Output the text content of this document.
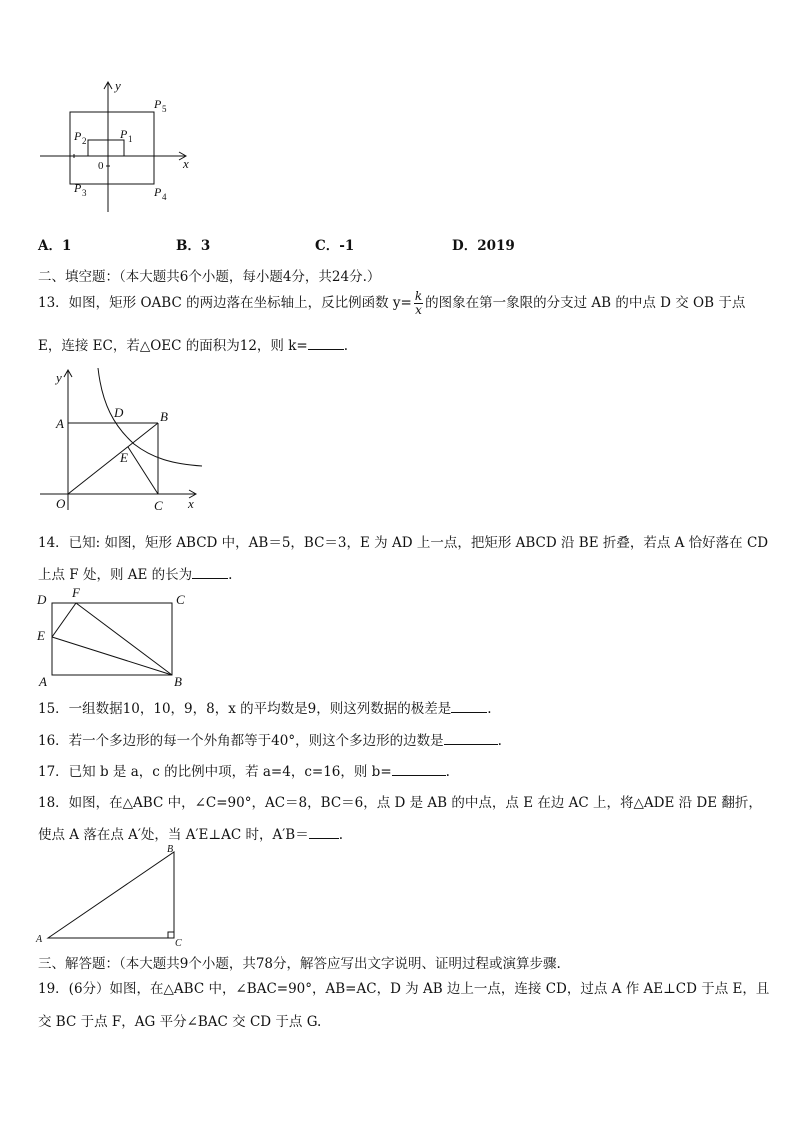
y
x
0
P 1
P 2
P 3	P 4
P 5
A．1	B．3	C．-1	D．2019
二、填空题：（本大题共6个小题，每小题4分，共24分.）
13．如图，矩形 OABC 的两边落在坐标轴上，反比例函数 $y= \frac{k}{x}$ 的图象在第一象限的分支过 AB 的中点 D 交 OB 于点
E，连接 EC，若△OEC 的面积为12，则 k=	.
y
x
O
A	B
C
D
E
14．已知: 如图，矩形 ABCD 中，AB＝5，BC＝3，E 为 AD 上一点，把矩形 ABCD 沿 BE 折叠，若点 A 恰好落在 CD
上点 F 处，则 AE 的长为	.
D F	C
E
A	B
15．一组数据10，10，9，8，x 的平均数是9，则这列数据的极差是	.
16．若一个多边形的每一个外角都等于40°，则这个多边形的边数是	.
17．已知 b 是 a，c 的比例中项，若 a=4，c=16，则 b=	.
18．如图，在△ABC 中，∠C=90°，AC＝8，BC＝6，点 D 是 AB 的中点，点 E 在边 AC 上，将△ADE 沿 DE 翻折，
使点 A 落在点 A′处，当 A′E⊥AC 时，A′B＝ .
A
B
C
三、解答题：（本大题共9个小题，共78分，解答应写出文字说明、证明过程或演算步骤.
19．(6分）如图，在△ABC 中，∠BAC=90°，AB=AC，D 为 AB 边上一点，连接 CD，过点 A 作 AE⊥CD 于点 E，且
交 BC 于点 F，AG 平分∠BAC 交 CD 于点 G.
